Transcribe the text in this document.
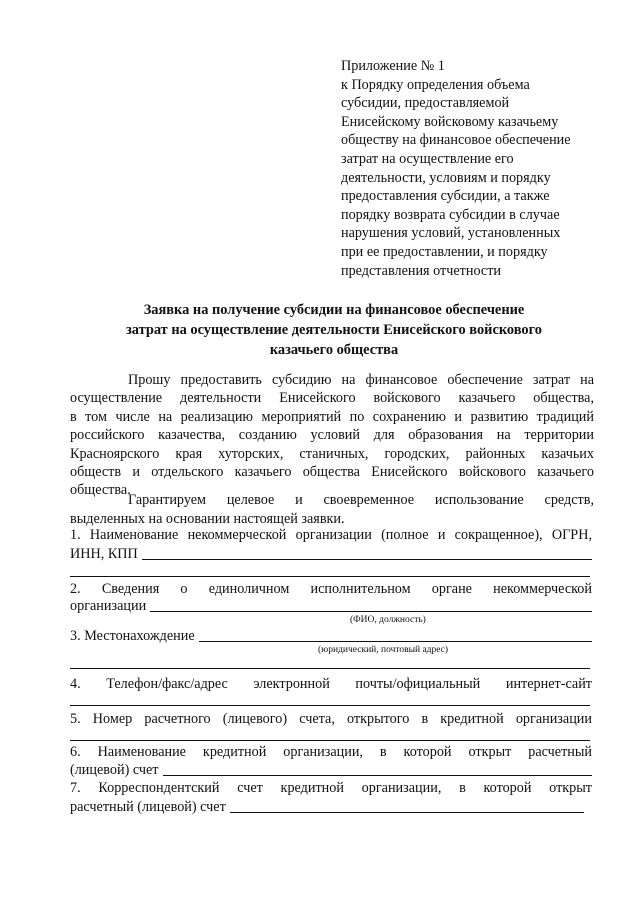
Приложение № 1
к Порядку определения объема
субсидии, предоставляемой
Енисейскому войсковому казачьему
обществу на финансовое обеспечение
затрат на осуществление его
деятельности, условиям и порядку
предоставления субсидии, а также
порядку возврата субсидии в случае
нарушения условий, установленных
при ее предоставлении, и порядку
представления отчетности
Заявка на получение субсидии на финансовое обеспечение
затрат на осуществление деятельности Енисейского войскового
казачьего общества
Прошу предоставить субсидию на финансовое обеспечение затрат на
осуществление деятельности Енисейского войскового казачьего общества,
в том числе на реализацию мероприятий по сохранению и развитию традиций
российского казачества, созданию условий для образования на территории
Красноярского края хуторских, станичных, городских, районных казачьих
обществ и отдельского казачьего общества Енисейского войскового казачьего
общества.
Гарантируем целевое и своевременное использование средств,
выделенных на основании настоящей заявки.
1. Наименование некоммерческой организации (полное и сокращенное), ОГРН,
ИНН, КПП
2. Сведения о единоличном исполнительном органе некоммерческой
организации
(ФИО, должность)
3. Местонахождение
(юридический, почтовый адрес)
4. Телефон/факс/адрес электронной почты/официальный интернет-сайт
5. Номер расчетного (лицевого) счета, открытого в кредитной организации
6. Наименование кредитной организации, в которой открыт расчетный
(лицевой) счет
7. Корреспондентский счет кредитной организации, в которой открыт
расчетный (лицевой) счет
